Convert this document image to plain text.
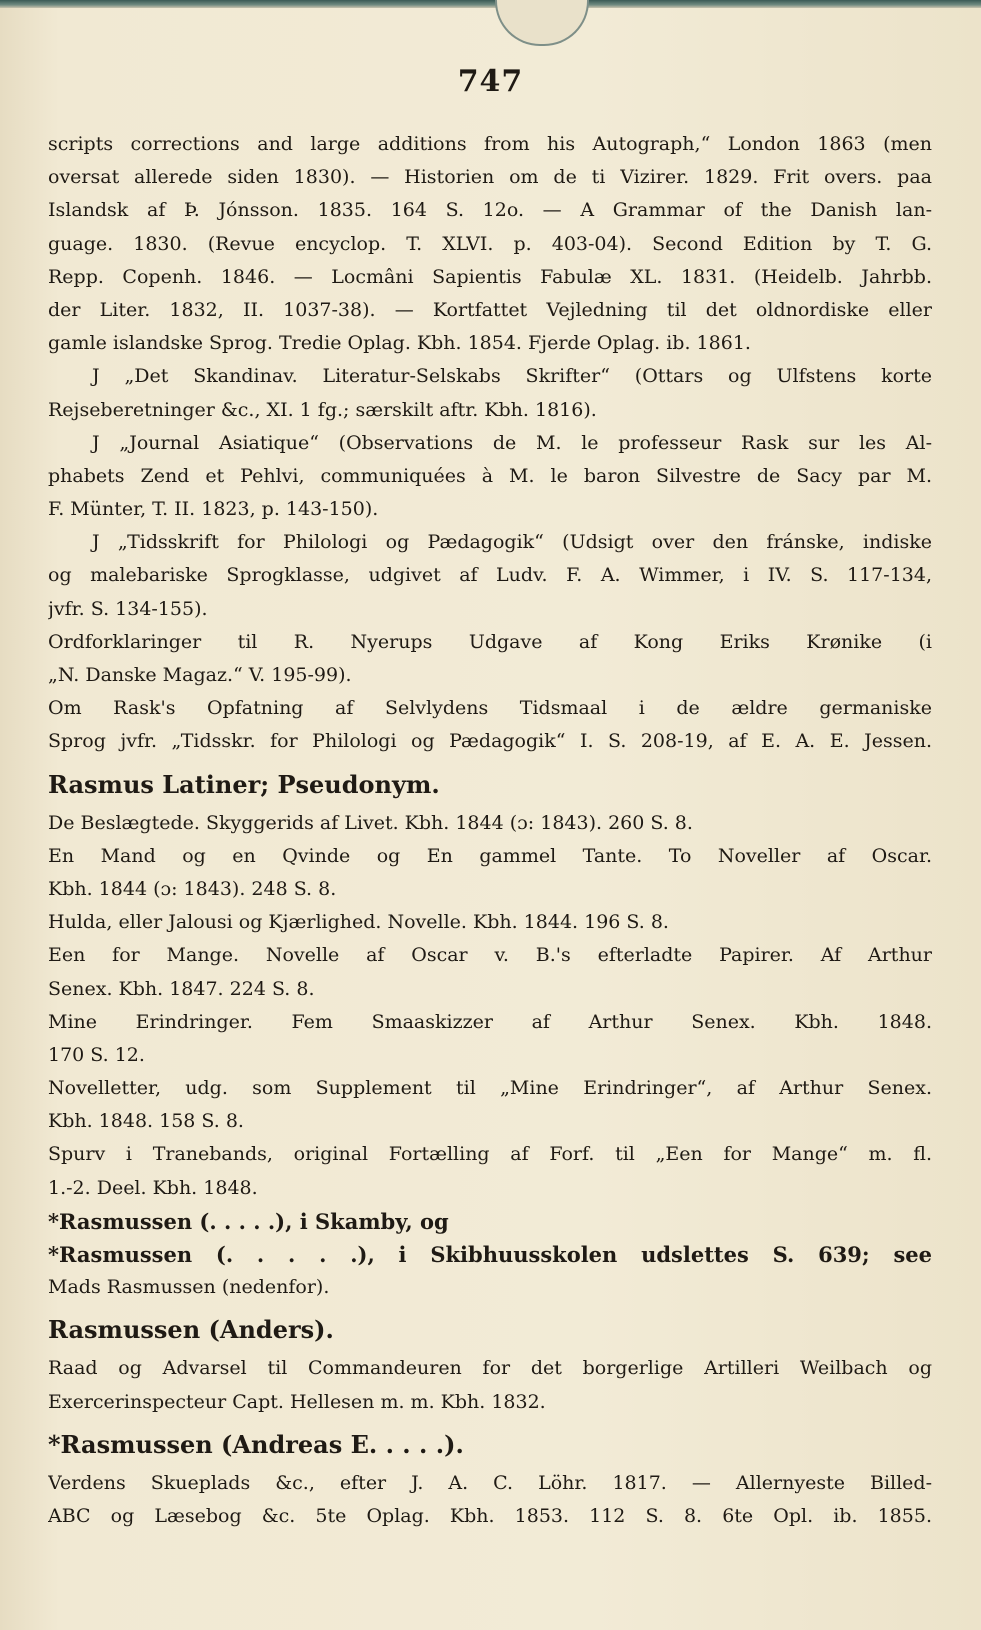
747
scripts corrections and large additions from his Autograph,“ London 1863 (men
oversat allerede siden 1830). — Historien om de ti Vizirer. 1829. Frit overs. paa
Islandsk af Þ. Jónsson. 1835. 164 S. 12o. — A Grammar of the Danish lan-
guage. 1830. (Revue encyclop. T. XLVI. p. 403-04). Second Edition by T. G.
Repp. Copenh. 1846. — Locmâni Sapientis Fabulæ XL. 1831. (Heidelb. Jahrbb.
der Liter. 1832, II. 1037-38). — Kortfattet Vejledning til det oldnordiske eller
gamle islandske Sprog. Tredie Oplag. Kbh. 1854. Fjerde Oplag. ib. 1861.
J „Det Skandinav. Literatur-Selskabs Skrifter“ (Ottars og Ulfstens korte
Rejseberetninger &c., XI. 1 fg.; særskilt aftr. Kbh. 1816).
J „Journal Asiatique“ (Observations de M. le professeur Rask sur les Al-
phabets Zend et Pehlvi, communiquées à M. le baron Silvestre de Sacy par M.
F. Münter, T. II. 1823, p. 143-150).
J „Tidsskrift for Philologi og Pædagogik“ (Udsigt over den fránske, indiske
og malebariske Sprogklasse, udgivet af Ludv. F. A. Wimmer, i IV. S. 117-134,
jvfr. S. 134-155).
Ordforklaringer til R. Nyerups Udgave af Kong Eriks Krønike (i
„N. Danske Magaz.“ V. 195-99).
Om Rask's Opfatning af Selvlydens Tidsmaal i de ældre germaniske
Sprog jvfr. „Tidsskr. for Philologi og Pædagogik“ I. S. 208-19, af E. A. E. Jessen.
Rasmus Latiner; Pseudonym.
De Beslægtede. Skyggerids af Livet. Kbh. 1844 (ɔ: 1843). 260 S. 8.
En Mand og en Qvinde og En gammel Tante. To Noveller af Oscar.
Kbh. 1844 (ɔ: 1843). 248 S. 8.
Hulda, eller Jalousi og Kjærlighed. Novelle. Kbh. 1844. 196 S. 8.
Een for Mange. Novelle af Oscar v. B.'s efterladte Papirer. Af Arthur
Senex. Kbh. 1847. 224 S. 8.
Mine Erindringer. Fem Smaaskizzer af Arthur Senex. Kbh. 1848.
170 S. 12.
Novelletter, udg. som Supplement til „Mine Erindringer“, af Arthur Senex.
Kbh. 1848. 158 S. 8.
Spurv i Tranebands, original Fortælling af Forf. til „Een for Mange“ m. fl.
1.-2. Deel. Kbh. 1848.
*Rasmussen (. . . . .), i Skamby, og
*Rasmussen (. . . . .), i Skibhuusskolen udslettes S. 639; see
Mads Rasmussen (nedenfor).
Rasmussen (Anders).
Raad og Advarsel til Commandeuren for det borgerlige Artilleri Weilbach og
Exercerinspecteur Capt. Hellesen m. m. Kbh. 1832.
*Rasmussen (Andreas E. . . . .).
Verdens Skueplads &c., efter J. A. C. Löhr. 1817. — Allernyeste Billed-
ABC og Læsebog &c. 5te Oplag. Kbh. 1853. 112 S. 8. 6te Opl. ib. 1855.
